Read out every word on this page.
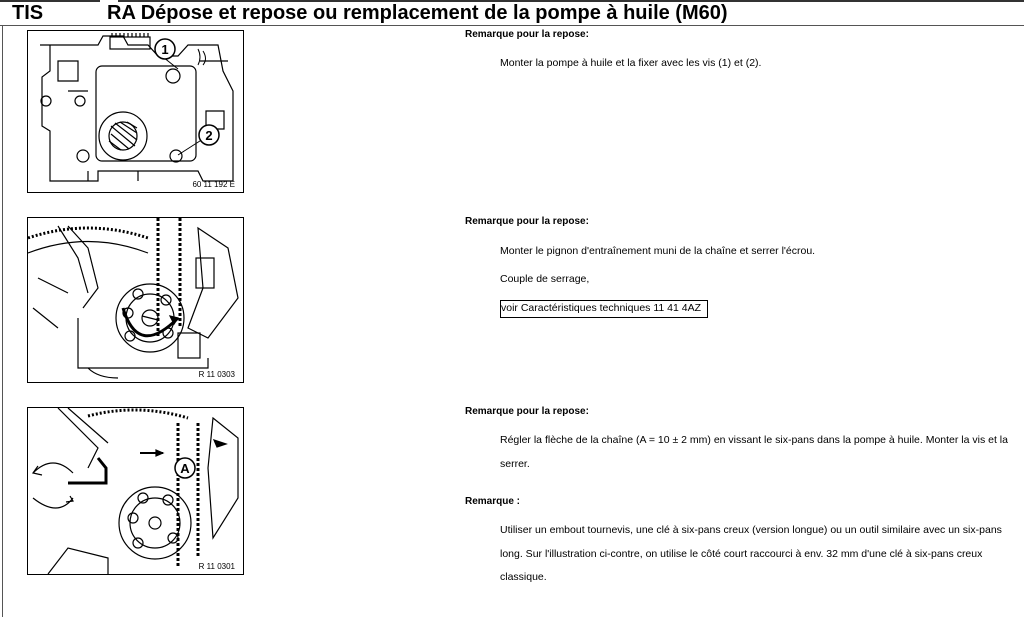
TIS	RA Dépose et repose ou remplacement de la pompe à huile (M60)
1
2
60 11 192 E
R 11 0303
A
R 11 0301
Remarque pour la repose:
Monter la pompe à huile et la fixer avec les vis (1) et (2).
Remarque pour la repose:
Monter le pignon d'entraînement muni de la chaîne et serrer l'écrou.
Couple de serrage,
voir Caractéristiques techniques 11 41 4AZ
Remarque pour la repose:
Régler la flèche de la chaîne (A = 10 ± 2 mm) en vissant le six-pans dans la pompe à huile. Monter la vis et la serrer.
Remarque :
Utiliser un embout tournevis, une clé à six-pans creux (version longue) ou un outil similaire avec un six-pans long. Sur l'illustration ci-contre, on utilise le côté court raccourci à env. 32 mm d'une clé à six-pans creux classique.
